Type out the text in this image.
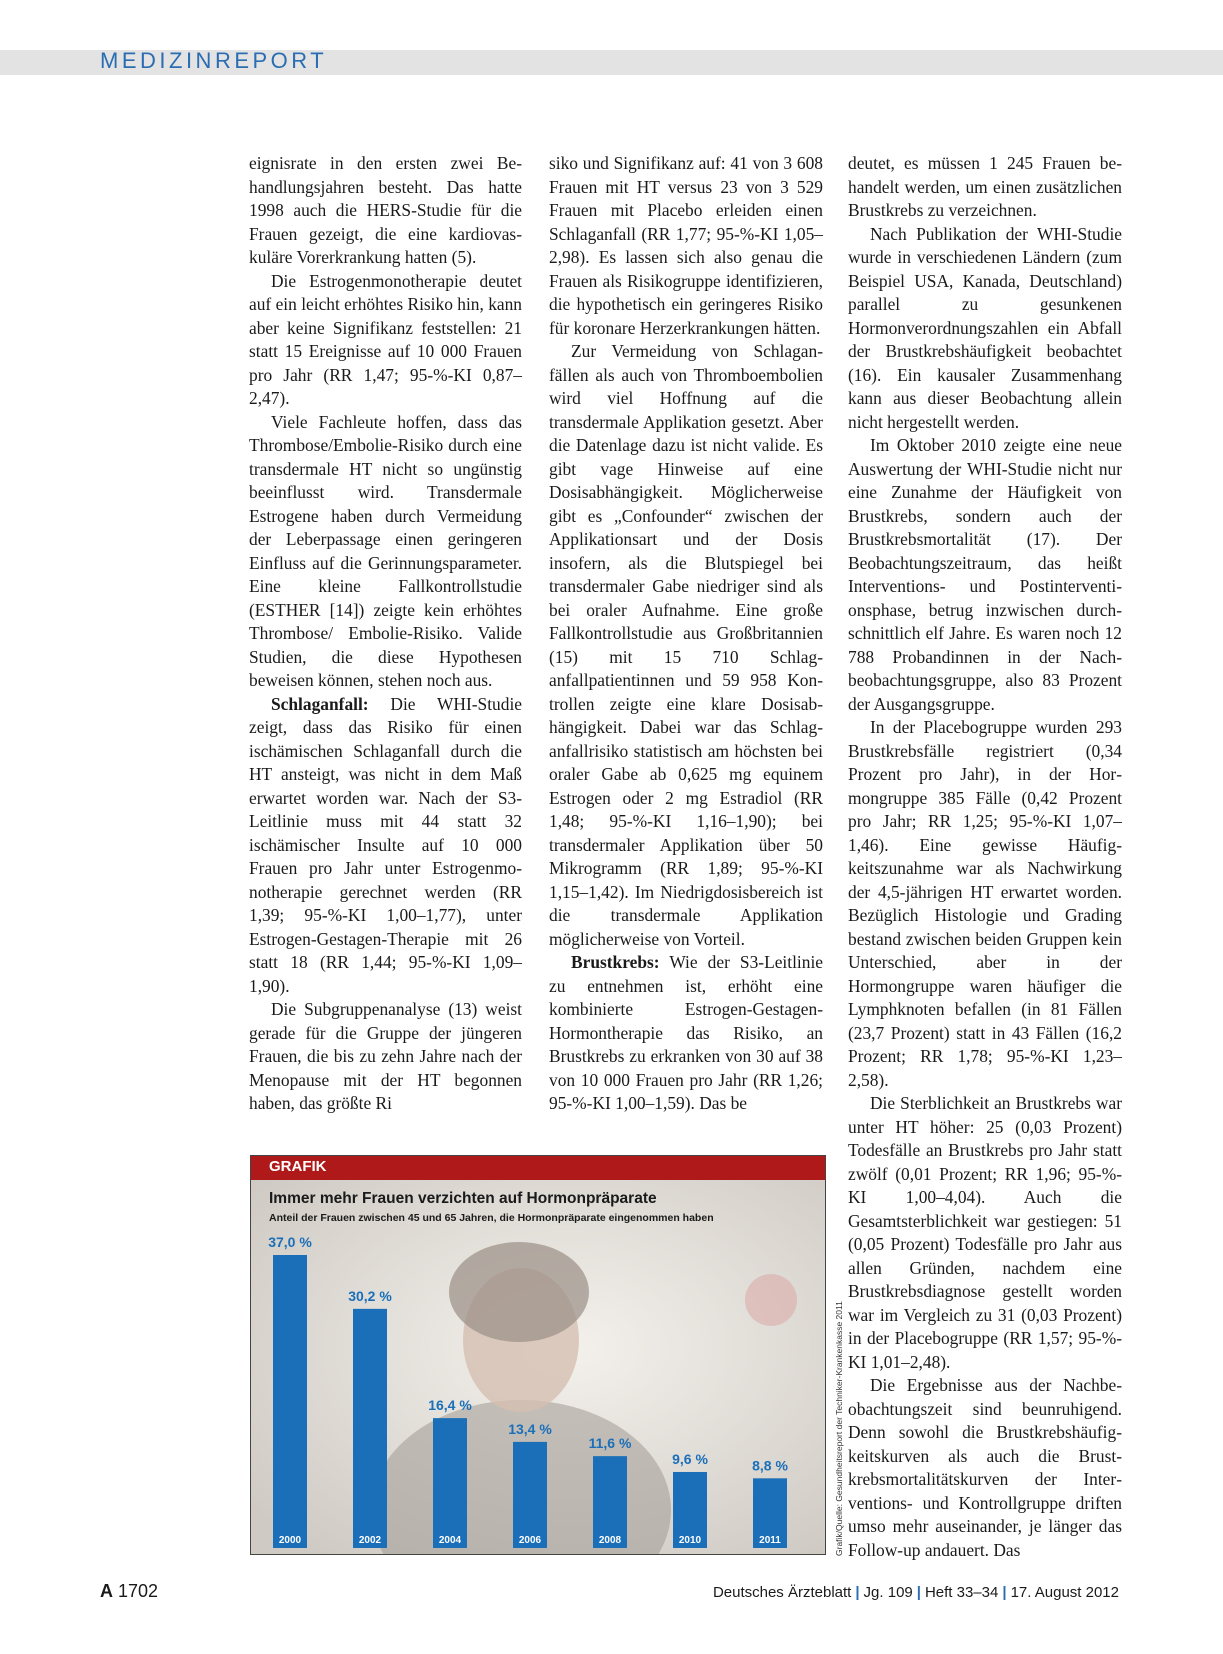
MEDIZINREPORT

eignisrate in den ersten zwei Behandlungsjahren besteht. Das hatte 1998 auch die HERS-Studie für die Frauen gezeigt, die eine kardiovaskuläre Vorerkrankung hatten (5).

Die Estrogenmonotherapie deutet auf ein leicht erhöhtes Risiko hin, kann aber keine Signifikanz feststellen: 21 statt 15 Ereignisse auf 10 000 Frauen pro Jahr (RR 1,47; 95-%-KI 0,87–2,47).

Viele Fachleute hoffen, dass das Thrombose/Embolie-Risiko durch eine transdermale HT nicht so ungünstig beeinflusst wird. Transdermale Estrogene haben durch Vermeidung der Leberpassage einen geringeren Einfluss auf die Gerinnungsparameter. Eine kleine Fallkontrollstudie (ESTHER [14]) zeigte kein erhöhtes Thrombose/ Embolie-Risiko. Valide Studien, die diese Hypothesen beweisen können, stehen noch aus.

Schlaganfall: Die WHI-Studie zeigt, dass das Risiko für einen ischämischen Schlaganfall durch die HT ansteigt, was nicht in dem Maß erwartet worden war. Nach der S3-Leitlinie muss mit 44 statt 32 ischämischer Insulte auf 10 000 Frauen pro Jahr unter Estrogenmonotherapie gerechnet werden (RR 1,39; 95-%-KI 1,00–1,77), unter Estrogen-Gestagen-Therapie mit 26 statt 18 (RR 1,44; 95-%-KI 1,09–1,90).

Die Subgruppenanalyse (13) weist gerade für die Gruppe der jüngeren Frauen, die bis zu zehn Jahre nach der Menopause mit der HT begonnen haben, das größte Ri

siko und Signifikanz auf: 41 von 3 608 Frauen mit HT versus 23 von 3 529 Frauen mit Placebo erleiden einen Schlaganfall (RR 1,77; 95-%-KI 1,05–2,98). Es lassen sich also genau die Frauen als Risikogruppe identifizieren, die hypothetisch ein geringeres Risiko für koronare Herzerkrankungen hätten.

Zur Vermeidung von Schlaganfällen als auch von Thromboembolien wird viel Hoffnung auf die transdermale Applikation gesetzt. Aber die Datenlage dazu ist nicht valide. Es gibt vage Hinweise auf eine Dosisabhängigkeit. Möglicherweise gibt es „Confounder“ zwischen der Applikationsart und der Dosis insofern, als die Blutspiegel bei transdermaler Gabe niedriger sind als bei oraler Aufnahme. Eine große Fallkontrollstudie aus Großbritannien (15) mit 15 710 Schlaganfallpatientinnen und 59 958 Kontrollen zeigte eine klare Dosisabhängigkeit. Dabei war das Schlaganfallrisiko statistisch am höchsten bei oraler Gabe ab 0,625 mg equinem Estrogen oder 2 mg Estradiol (RR 1,48; 95-%-KI 1,16–1,90); bei transdermaler Applikation über 50 Mikrogramm (RR 1,89; 95-%-KI 1,15–1,42). Im Niedrigdosisbereich ist die transdermale Applikation möglicherweise von Vorteil.

Brustkrebs: Wie der S3-Leitlinie zu entnehmen ist, erhöht eine kombinierte Estrogen-Gestagen-Hormontherapie das Risiko, an Brustkrebs zu erkranken von 30 auf 38 von 10 000 Frauen pro Jahr (RR 1,26; 95-%-KI 1,00–1,59). Das be

deutet, es müssen 1 245 Frauen behandelt werden, um einen zusätzlichen Brustkrebs zu verzeichnen.

Nach Publikation der WHI-Studie wurde in verschiedenen Ländern (zum Beispiel USA, Kanada, Deutschland) parallel zu gesunkenen Hormonverordnungszahlen ein Abfall der Brustkrebshäufigkeit beobachtet (16). Ein kausaler Zusammenhang kann aus dieser Beobachtung allein nicht hergestellt werden.

Im Oktober 2010 zeigte eine neue Auswertung der WHI-Studie nicht nur eine Zunahme der Häufigkeit von Brustkrebs, sondern auch der Brustkrebsmortalität (17). Der Beobachtungszeitraum, das heißt Interventions- und Postinterventionsphase, betrug inzwischen durchschnittlich elf Jahre. Es waren noch 12 788 Probandinnen in der Nachbeobachtungsgruppe, also 83 Prozent der Ausgangsgruppe.

In der Placebogruppe wurden 293 Brustkrebsfälle registriert (0,34 Prozent pro Jahr), in der Hormongruppe 385 Fälle (0,42 Prozent pro Jahr; RR 1,25; 95-%-KI 1,07–1,46). Eine gewisse Häufigkeitszunahme war als Nachwirkung der 4,5-jährigen HT erwartet worden. Bezüglich Histologie und Grading bestand zwischen beiden Gruppen kein Unterschied, aber in der Hormongruppe waren häufiger die Lymphknoten befallen (in 81 Fällen (23,7 Prozent) statt in 43 Fällen (16,2 Prozent; RR 1,78; 95-%-KI 1,23–2,58).

Die Sterblichkeit an Brustkrebs war unter HT höher: 25 (0,03 Prozent) Todesfälle an Brustkrebs pro Jahr statt zwölf (0,01 Prozent; RR 1,96; 95-%-KI 1,00–4,04). Auch die Gesamtsterblichkeit war gestiegen: 51 (0,05 Prozent) Todesfälle pro Jahr aus allen Gründen, nachdem eine Brustkrebsdiagnose gestellt worden war im Vergleich zu 31 (0,03 Prozent) in der Placebogruppe (RR 1,57; 95-%-KI 1,01–2,48).

Die Ergebnisse aus der Nachbeobachtungszeit sind beunruhigend. Denn sowohl die Brustkrebshäufigkeitskurven als auch die Brustkrebsmortalitätskurven der Interventions- und Kontrollgruppe driften umso mehr auseinander, je länger das Follow-up andauert. Das

GRAFIK
Immer mehr Frauen verzichten auf Hormonpräparate
Anteil der Frauen zwischen 45 und 65 Jahren, die Hormonpräparate eingenommen haben
37,0 %
2000
30,2 %
2002
16,4 %
2004
13,4 %
2006
11,6 %
2008
9,6 %
2010
8,8 %
2011	Grafik/Quelle: Gesundheitsreport der Techniker-Krankenkasse 2011
A 1702	Deutsches Ärzteblatt | Jg. 109 | Heft 33–34 | 17. August 2012
